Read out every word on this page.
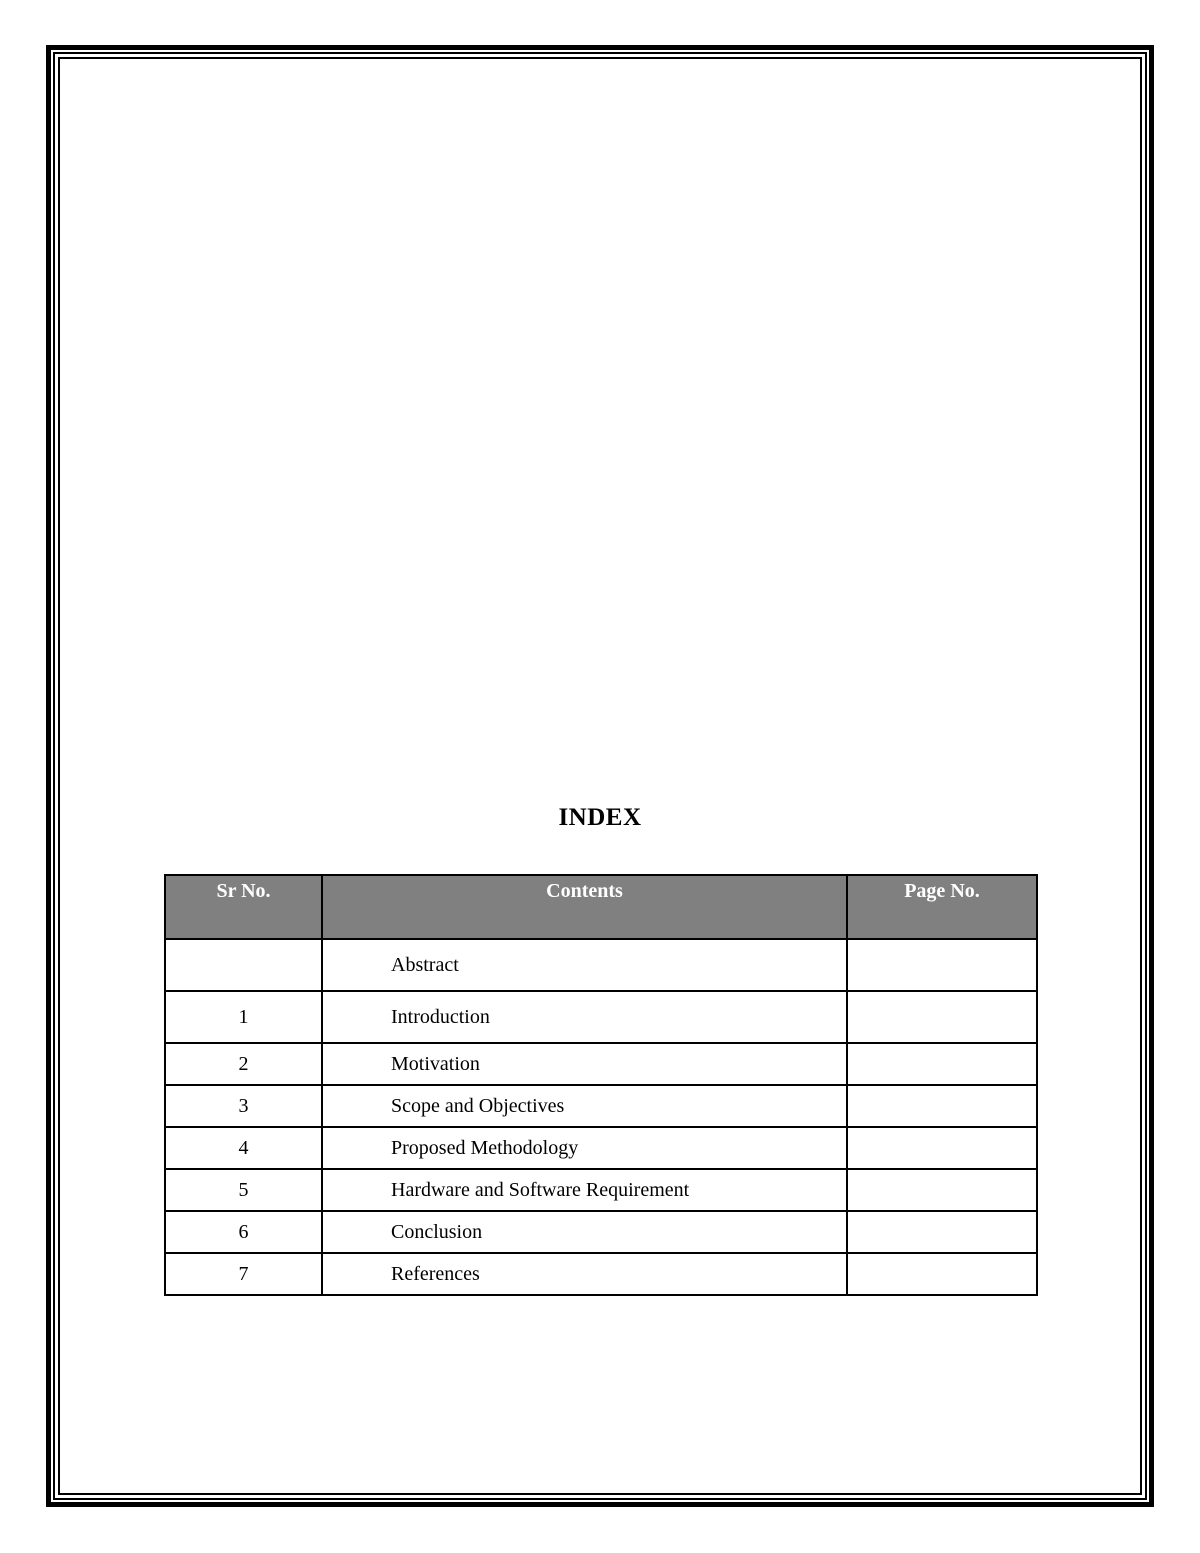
INDEX
Sr No.	Contents	Page No.
	Abstract	
1	Introduction	
2	Motivation	
3	Scope and Objectives	
4	Proposed Methodology	
5	Hardware and Software Requirement	
6	Conclusion	
7	References	
